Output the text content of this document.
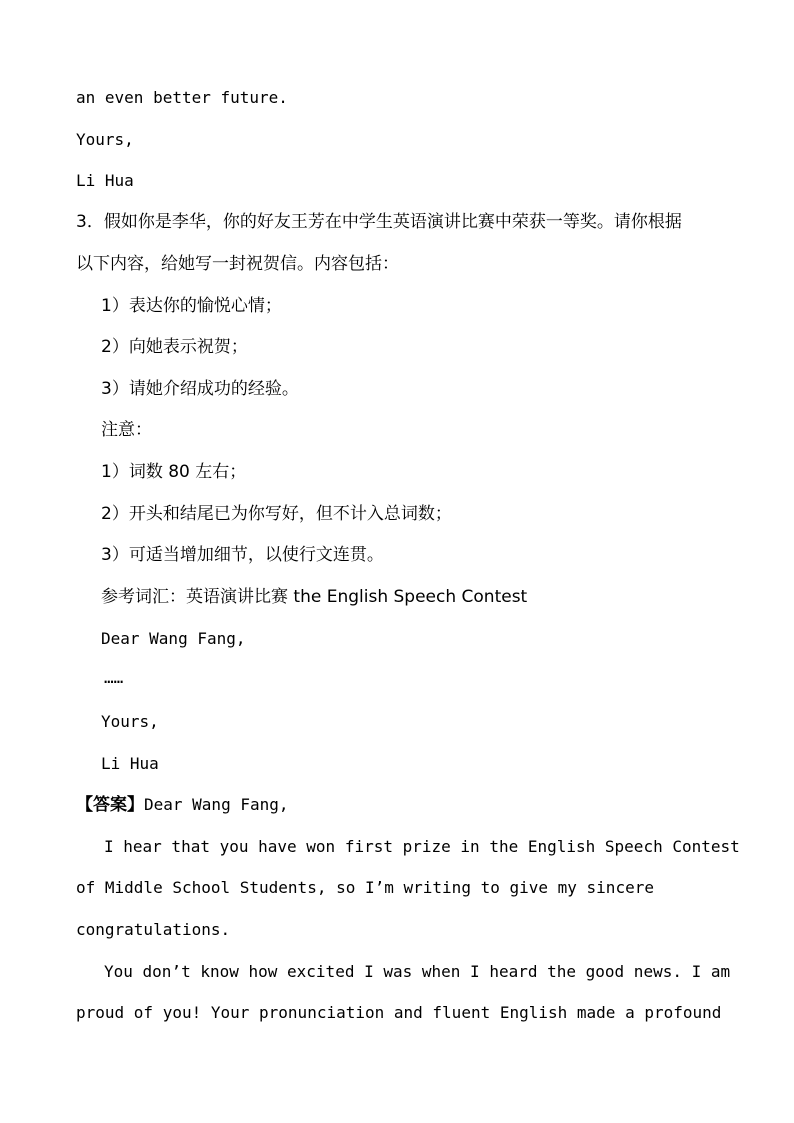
an even better future.
Yours,
Li Hua
3．假如你是李华，你的好友王芳在中学生英语演讲比赛中荣获一等奖。请你根据
以下内容，给她写一封祝贺信。内容包括：
1）表达你的愉悦心情；
2）向她表示祝贺；
3）请她介绍成功的经验。
注意：
1）词数 80 左右；
2）开头和结尾已为你写好，但不计入总词数；
3）可适当增加细节，以使行文连贯。
参考词汇：英语演讲比赛 the English Speech Contest
Dear Wang Fang,
……
Yours,
Li Hua
【答案】Dear Wang Fang,
I hear that you have won first prize in the English Speech Contest
of Middle School Students, so I’m writing to give my sincere
congratulations.
You don’t know how excited I was when I heard the good news. I am
proud of you! Your pronunciation and fluent English made a profound
